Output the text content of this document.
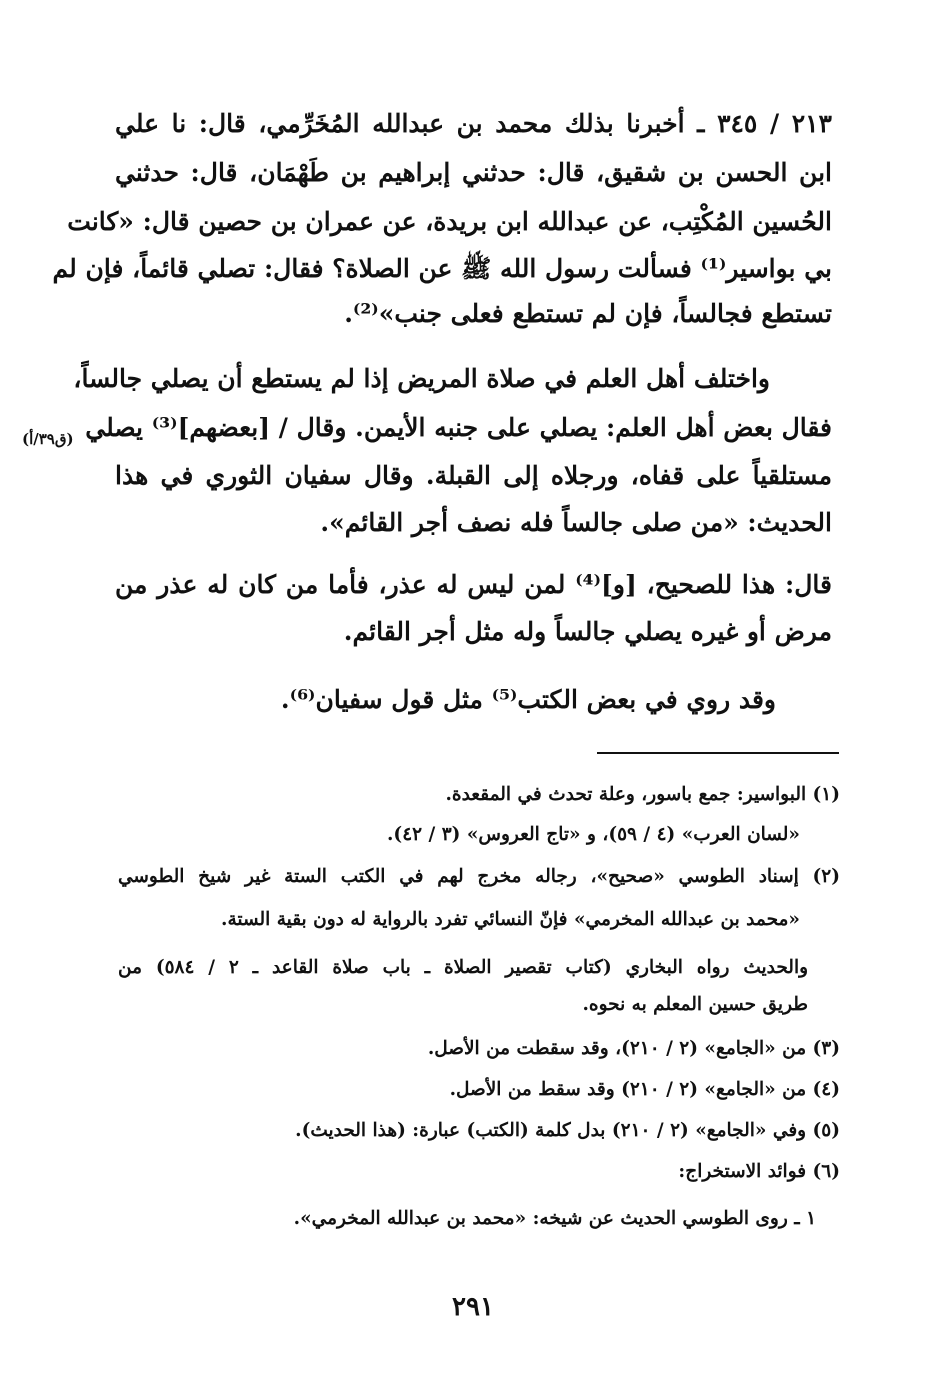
٢١٣ / ٣٤٥ ـ أخبرنا بذلك محمد بن عبدالله المُخَرِّمي، قال: نا علي
ابن الحسن بن شقيق، قال: حدثني إبراهيم بن طَهْمَان، قال: حدثني
الحُسين المُكْتِب، عن عبدالله ابن بريدة، عن عمران بن حصين قال: «كانت
بي بواسير⁽¹⁾ فسألت رسول الله ﷺ عن الصلاة؟ فقال: تصلي قائماً، فإن لم
تستطع فجالساً، فإن لم تستطع فعلى جنب»⁽²⁾.
واختلف أهل العلم في صلاة المريض إذا لم يستطع أن يصلي جالساً،
فقال بعض أهل العلم: يصلي على جنبه الأيمن. وقال / [بعضهم]⁽³⁾ يصلي
مستلقياً على قفاه، ورجلاه إلى القبلة. وقال سفيان الثوري في هذا
الحديث: «من صلى جالساً فله نصف أجر القائم».
(ق٣٩/أ)
قال: هذا للصحيح، [و]⁽⁴⁾ لمن ليس له عذر، فأما من كان له عذر من
مرض أو غيره يصلي جالساً وله مثل أجر القائم.
وقد روي في بعض الكتب⁽⁵⁾ مثل قول سفيان⁽⁶⁾.
(١) البواسير: جمع باسور، وعلة تحدث في المقعدة.
«لسان العرب» (٤ / ٥٩)، و «تاج العروس» (٣ / ٤٢).
(٢) إسناد الطوسي «صحيح»، رجاله مخرج لهم في الكتب الستة غير شيخ الطوسي
«محمد بن عبدالله المخرمي» فإنّ النسائي تفرد بالرواية له دون بقية الستة.
والحديث رواه البخاري (كتاب تقصير الصلاة ـ باب صلاة القاعد ـ ٢ / ٥٨٤) من
طريق حسين المعلم به نحوه.
(٣) من «الجامع» (٢ / ٢١٠)، وقد سقطت من الأصل.
(٤) من «الجامع» (٢ / ٢١٠) وقد سقط من الأصل.
(٥) وفي «الجامع» (٢ / ٢١٠) بدل كلمة (الكتب) عبارة: (هذا الحديث).
(٦) فوائد الاستخراج:
١ ـ روى الطوسي الحديث عن شيخه: «محمد بن عبدالله المخرمي».
٢٩١
